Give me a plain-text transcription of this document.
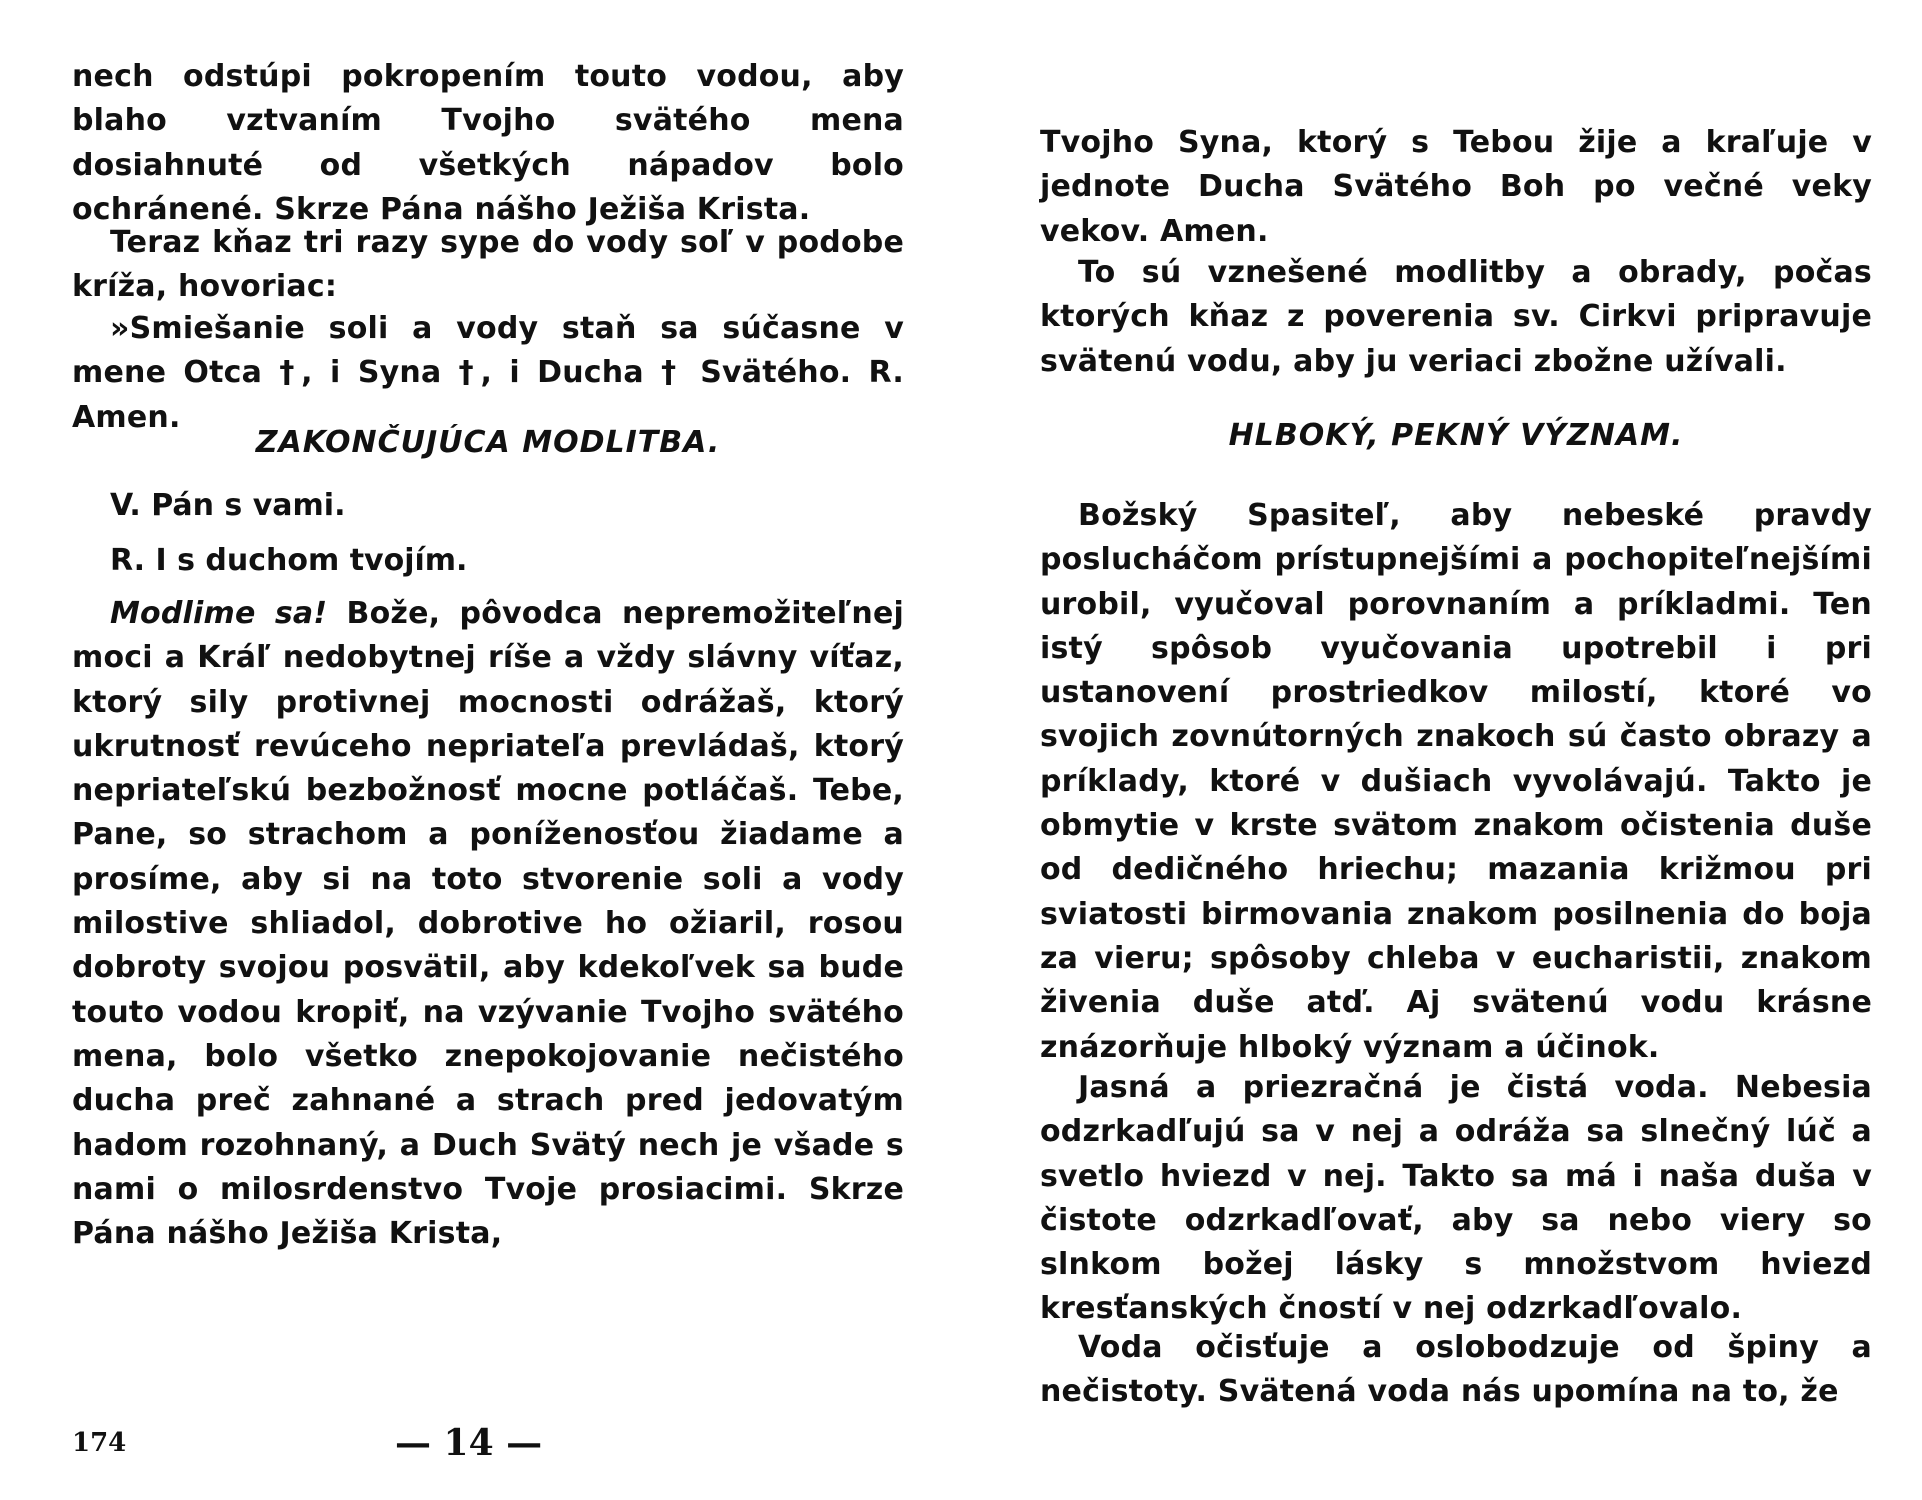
nech odstúpi pokropením touto vodou, aby blaho vztvaním Tvojho svätého mena dosiahnuté od všetkých nápadov bolo ochránené. Skrze Pána nášho Ježiša Krista.

Teraz kňaz tri razy sype do vody soľ v podobe kríža, hovoriac:

»Smiešanie soli a vody staň sa súčasne v mene Otca †, i Syna †, i Ducha † Svätého. R. Amen.

ZAKONČUJÚCA MODLITBA.

V. Pán s vami.

R. I s duchom tvojím.

Modlime sa! Bože, pôvodca nepremožiteľnej moci a Kráľ nedobytnej ríše a vždy slávny víťaz, ktorý sily protivnej mocnosti odrážaš, ktorý ukrutnosť revúceho nepriateľa prevládaš, ktorý nepriateľskú bezbožnosť mocne potláčaš. Tebe, Pane, so strachom a poníženosťou žiadame a prosíme, aby si na toto stvorenie soli a vody milostive shliadol, dobrotive ho ožiaril, rosou dobroty svojou posvätil, aby kdekoľvek sa bude touto vodou kropiť, na vzývanie Tvojho svätého mena, bolo všetko znepokojovanie nečistého ducha preč zahnané a strach pred jedovatým hadom rozohnaný, a Duch Svätý nech je všade s nami o milosrdenstvo Tvoje prosiacimi. Skrze Pána nášho Ježiša Krista,

174	— 14 —

Tvojho Syna, ktorý s Tebou žije a kraľuje v jednote Ducha Svätého Boh po večné veky vekov. Amen.

To sú vznešené modlitby a obrady, počas ktorých kňaz z poverenia sv. Cirkvi pripravuje svätenú vodu, aby ju veriaci zbožne užívali.

HLBOKÝ, PEKNÝ VÝZNAM.

Božský Spasiteľ, aby nebeské pravdy poslucháčom prístupnejšími a pochopiteľnejšími urobil, vyučoval porovnaním a príkladmi. Ten istý spôsob vyučovania upotrebil i pri ustanovení prostriedkov milostí, ktoré vo svojich zovnútorných znakoch sú často obrazy a príklady, ktoré v dušiach vyvolávajú. Takto je obmytie v krste svätom znakom očistenia duše od dedičného hriechu; mazania križmou pri sviatosti birmovania znakom posilnenia do boja za vieru; spôsoby chleba v eucharistii, znakom živenia duše atď. Aj svätenú vodu krásne znázorňuje hlboký význam a účinok.

Jasná a priezračná je čistá voda. Nebesia odzrkadľujú sa v nej a odráža sa slnečný lúč a svetlo hviezd v nej. Takto sa má i naša duša v čistote odzrkadľovať, aby sa nebo viery so slnkom božej lásky s množstvom hviezd kresťanských čností v nej odzrkadľovalo.

Voda očisťuje a oslobodzuje od špiny a nečistoty. Svätená voda nás upomína na to, že
